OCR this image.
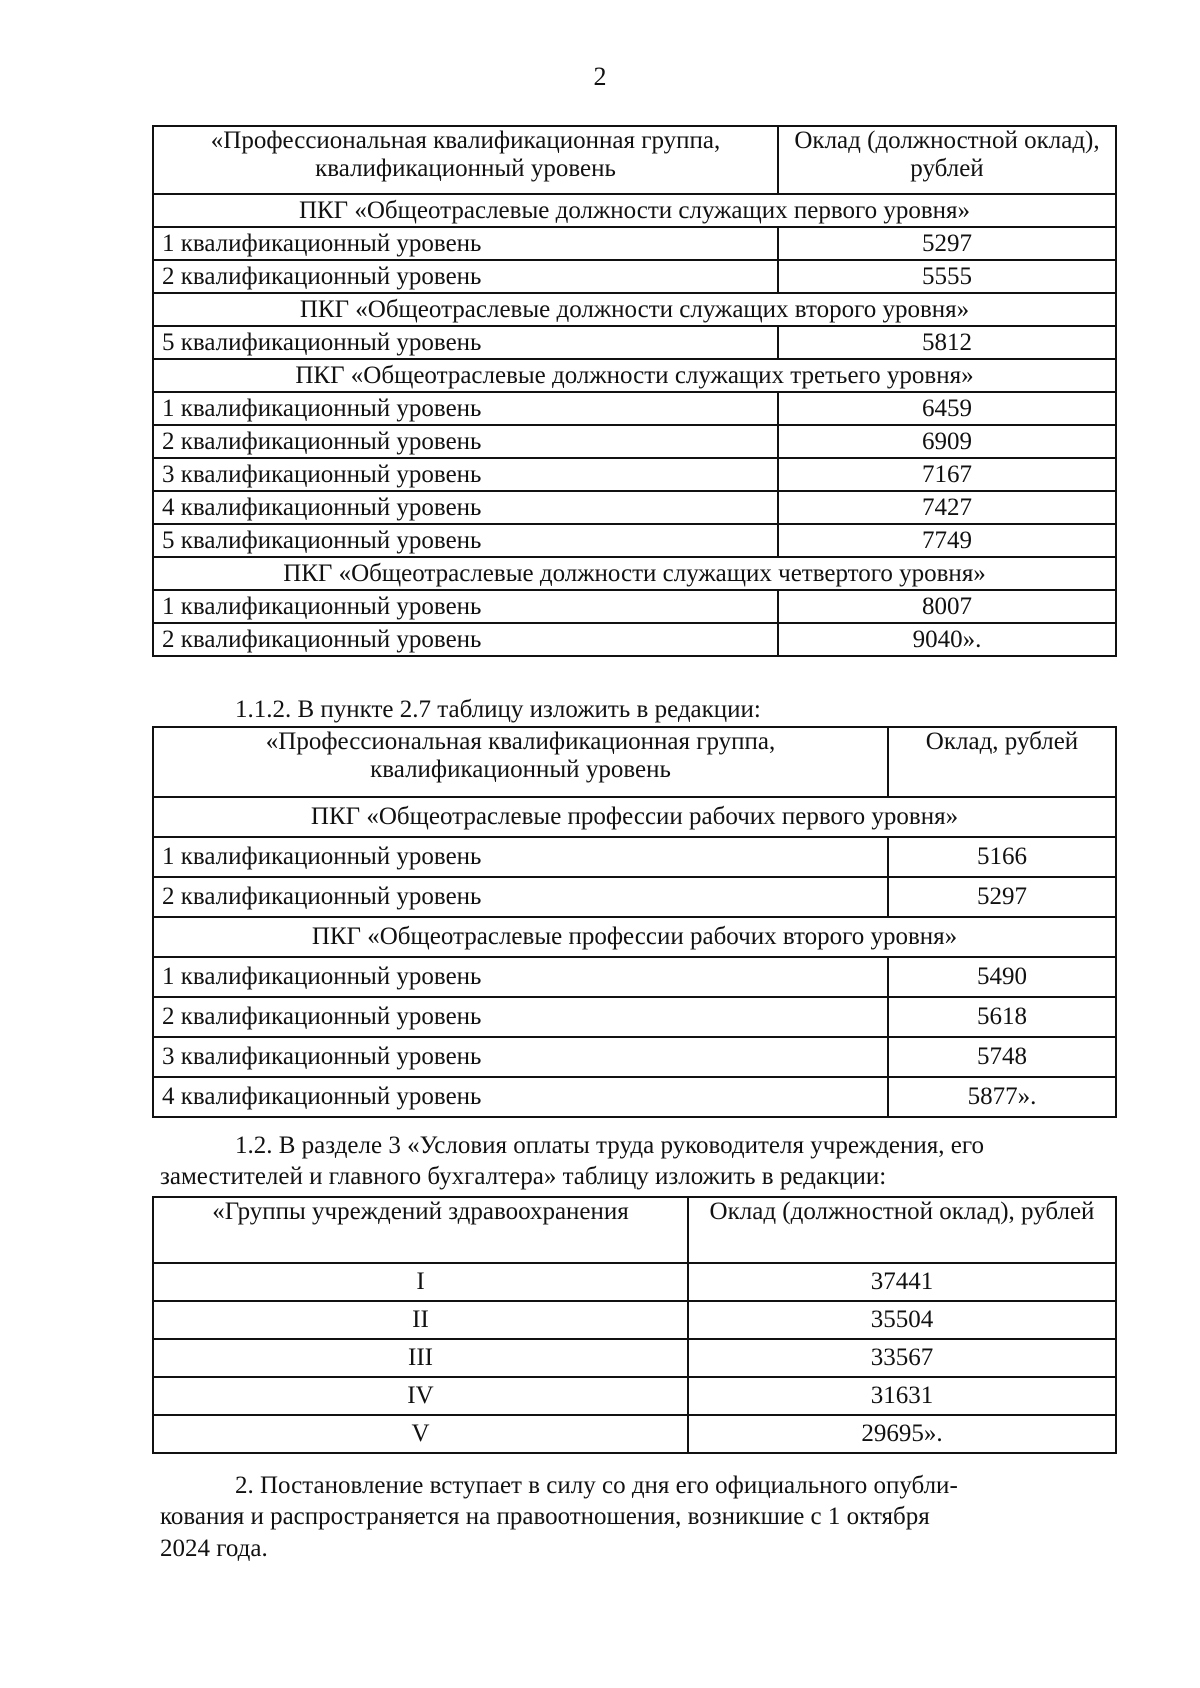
2
«Профессиональная квалификационная группа, квалификационный уровень	Оклад (должностной оклад), рублей
ПКГ «Общеотраслевые должности служащих первого уровня»	
1 квалификационный уровень	5297
2 квалификационный уровень	5555
ПКГ «Общеотраслевые должности служащих второго уровня»	
5 квалификационный уровень	5812
ПКГ «Общеотраслевые должности служащих третьего уровня»	
1 квалификационный уровень	6459
2 квалификационный уровень	6909
3 квалификационный уровень	7167
4 квалификационный уровень	7427
5 квалификационный уровень	7749
ПКГ «Общеотраслевые должности служащих четвертого уровня»	
1 квалификационный уровень	8007
2 квалификационный уровень	9040».
1.1.2. В пункте 2.7 таблицу изложить в редакции:
«Профессиональная квалификационная группа, квалификационный уровень	Оклад, рублей
ПКГ «Общеотраслевые профессии рабочих первого уровня»	
1 квалификационный уровень	5166
2 квалификационный уровень	5297
ПКГ «Общеотраслевые профессии рабочих второго уровня»	
1 квалификационный уровень	5490
2 квалификационный уровень	5618
3 квалификационный уровень	5748
4 квалификационный уровень	5877».
1.2. В разделе 3 «Условия оплаты труда руководителя учреждения, его
заместителей и главного бухгалтера» таблицу изложить в редакции:
«Группы учреждений здравоохранения	Оклад (должностной оклад), рублей
I	37441
II	35504
III	33567
IV	31631
V	29695».
2. Постановление вступает в силу со дня его официального опубли-
кования и распространяется на правоотношения, возникшие с 1 октября
2024 года.
